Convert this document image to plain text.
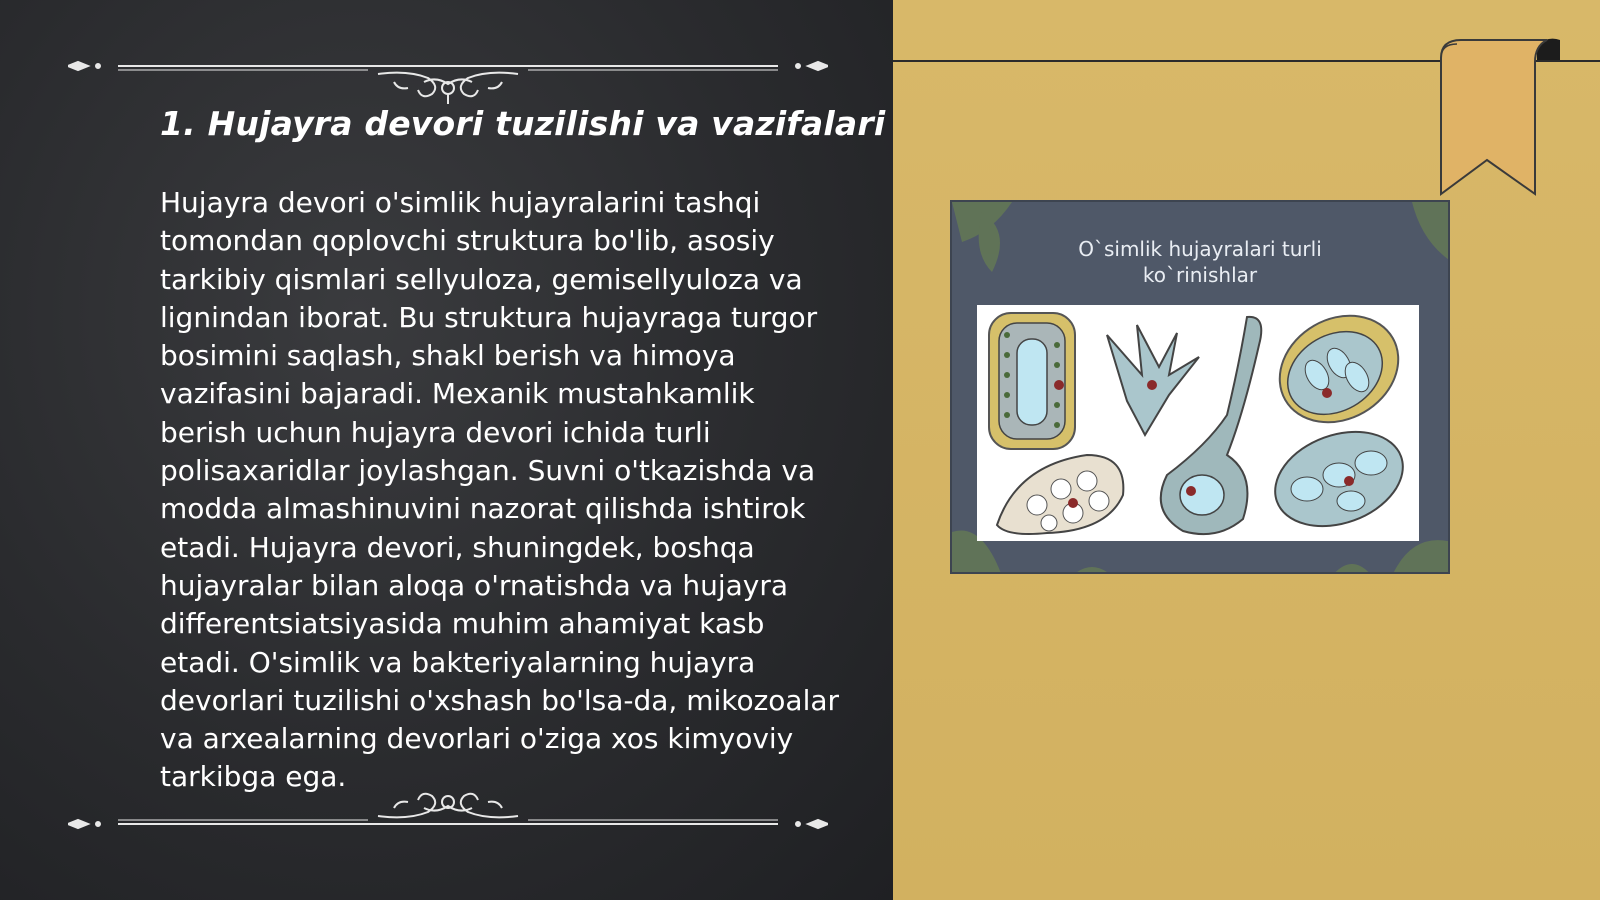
1. Hujayra devori tuzilishi va vazifalari
Hujayra devori o'simlik hujayralarini tashqi tomondan qoplovchi struktura bo'lib, asosiy tarkibiy qismlari sellyuloza, gemisellyuloza va lignindan iborat. Bu struktura hujayraga turgor bosimini saqlash, shakl berish va himoya vazifasini bajaradi. Mexanik mustahkamlik berish uchun hujayra devori ichida turli polisaxaridlar joylashgan. Suvni o'tkazishda va modda almashinuvini nazorat qilishda ishtirok etadi. Hujayra devori, shuningdek, boshqa hujayralar bilan aloqa o'rnatishda va hujayra differentsiatsiyasida muhim ahamiyat kasb etadi. O'simlik va bakteriyalarning hujayra devorlari tuzilishi o'xshash bo'lsa-da, mikozoalar va arxealarning devorlari o'ziga xos kimyoviy tarkibga ega.
O`simlik hujayralari turli
ko`rinishlar
